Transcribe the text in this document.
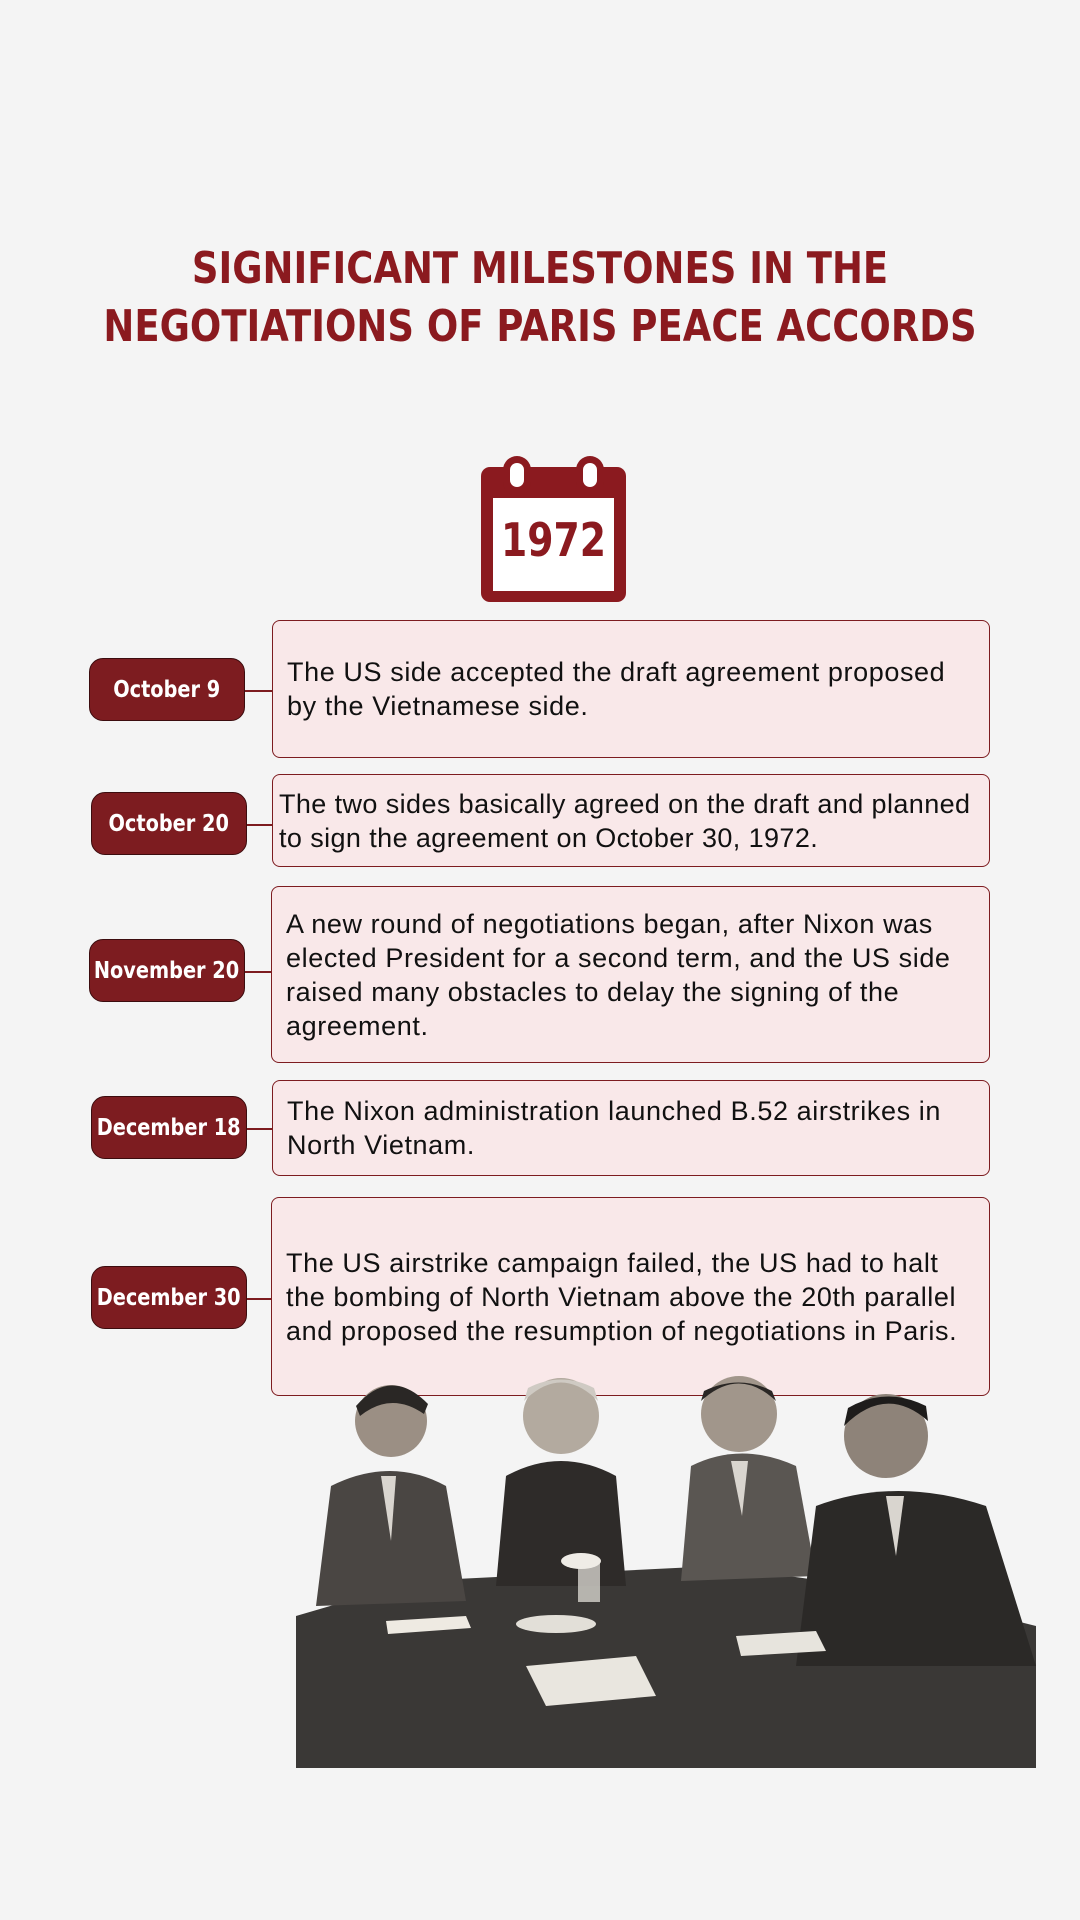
SIGNIFICANT MILESTONES IN THE
NEGOTIATIONS OF PARIS PEACE ACCORDS
1972
October 9

The US side accepted the draft agreement proposed by the Vietnamese side.

October 20

The two sides basically agreed on the draft and planned to sign the agreement on October 30, 1972.

November 20

A new round of negotiations began, after Nixon was elected President for a second term, and the US side raised many obstacles to delay the signing of the agreement.

December 18

The Nixon administration launched B.52 airstrikes in North Vietnam.

December 30

The US airstrike campaign failed, the US had to halt the bombing of North Vietnam above the 20th parallel and proposed the resumption of negotiations in Paris.
